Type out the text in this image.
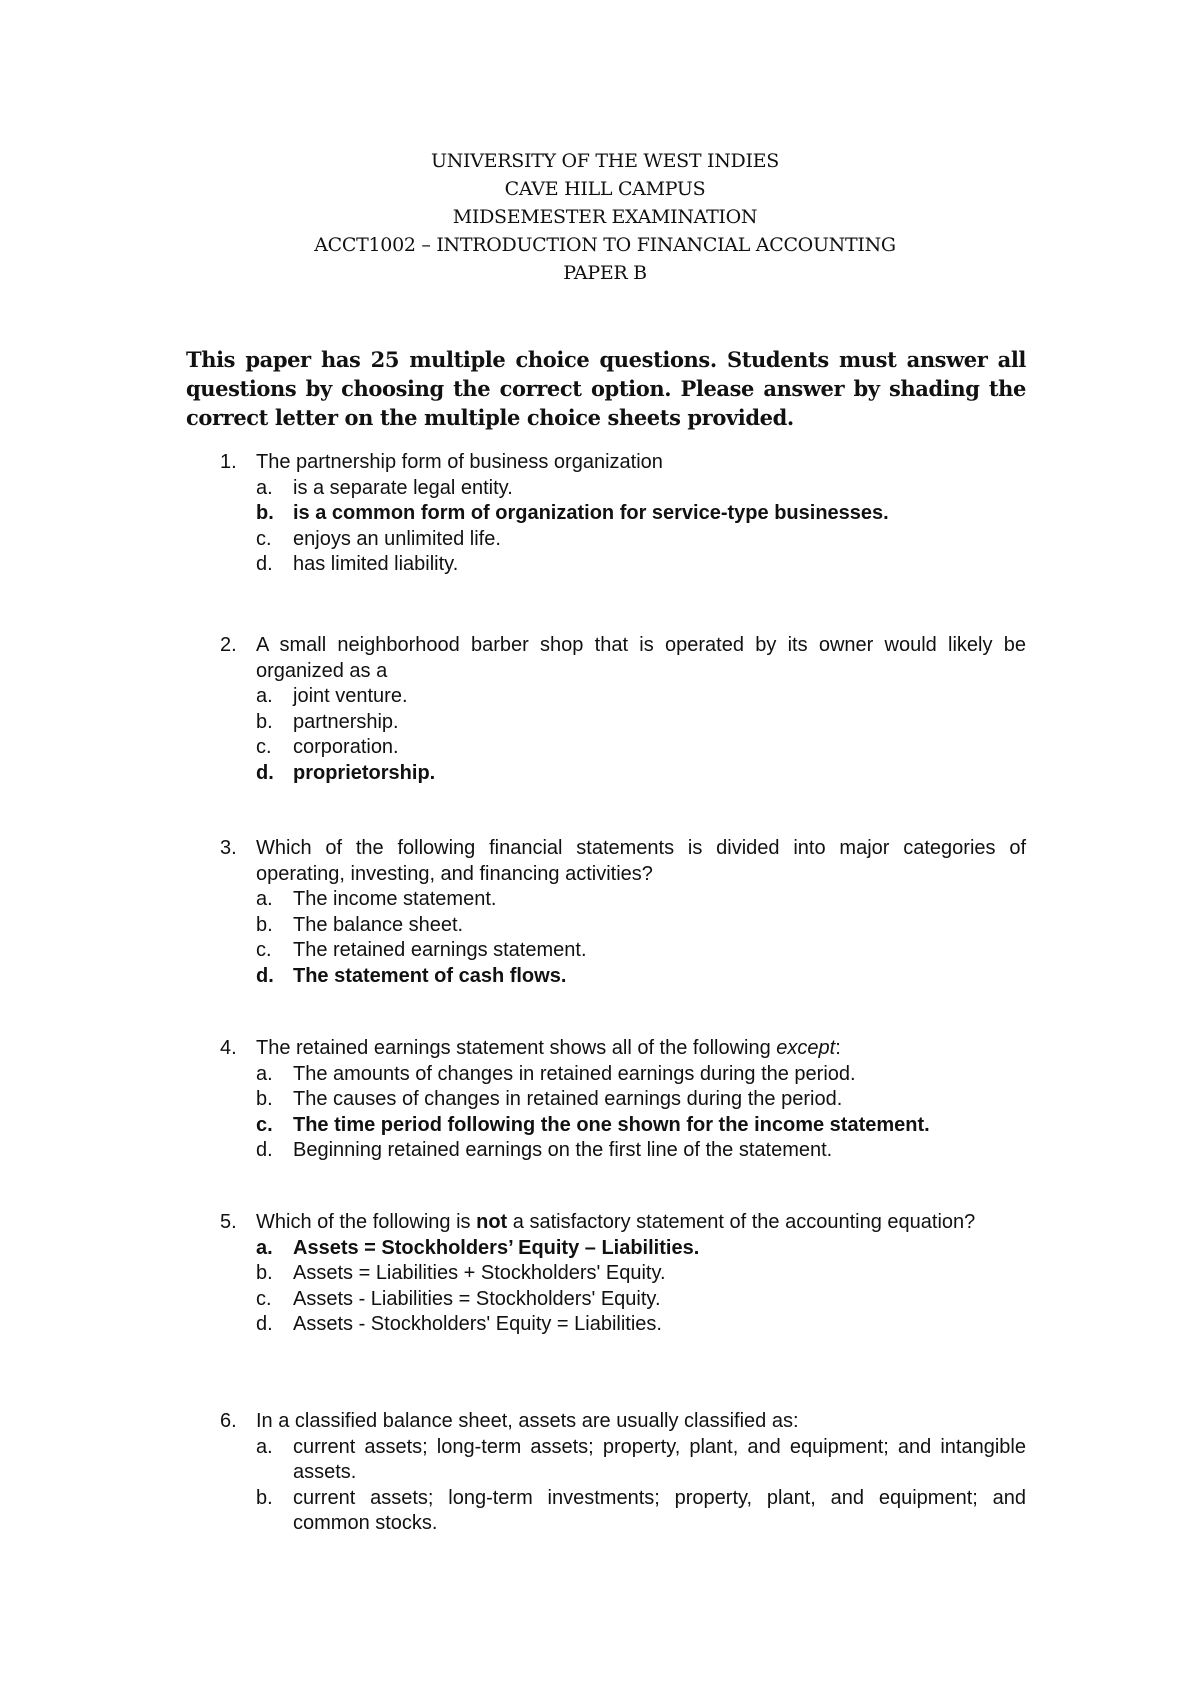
UNIVERSITY OF THE WEST INDIES
CAVE HILL CAMPUS
MIDSEMESTER EXAMINATION
ACCT1002 – INTRODUCTION TO FINANCIAL ACCOUNTING
PAPER B
This paper has 25 multiple choice questions. Students must answer all questions by choosing the correct option. Please answer by shading the correct letter on the multiple choice sheets provided.
1. The partnership form of business organization
a.	is a separate legal entity.
b. is a common form of organization for service-type businesses.
c.	enjoys an unlimited life.
d.	has limited liability.
2. A small neighborhood barber shop that is operated by its owner would likely be organized as a
a.	joint venture.
b.	partnership.
c.	corporation.
d. proprietorship.
3. Which of the following financial statements is divided into major categories of operating, investing, and financing activities?
a.	The income statement.
b.	The balance sheet.
c.	The retained earnings statement.
d. The statement of cash flows.
4. The retained earnings statement shows all of the following except:
a.	The amounts of changes in retained earnings during the period.
b.	The causes of changes in retained earnings during the period.
c.	The time period following the one shown for the income statement.
d.	Beginning retained earnings on the first line of the statement.
5. Which of the following is not a satisfactory statement of the accounting equation?
a.	Assets = Stockholders’ Equity – Liabilities.
b.	Assets = Liabilities + Stockholders' Equity.
c.	Assets - Liabilities = Stockholders' Equity.
d.	Assets - Stockholders' Equity = Liabilities.
6. In a classified balance sheet, assets are usually classified as:
a.	current assets; long-term assets; property, plant, and equipment; and intangible assets.
b.	current assets; long-term investments; property, plant, and equipment; and common stocks.
